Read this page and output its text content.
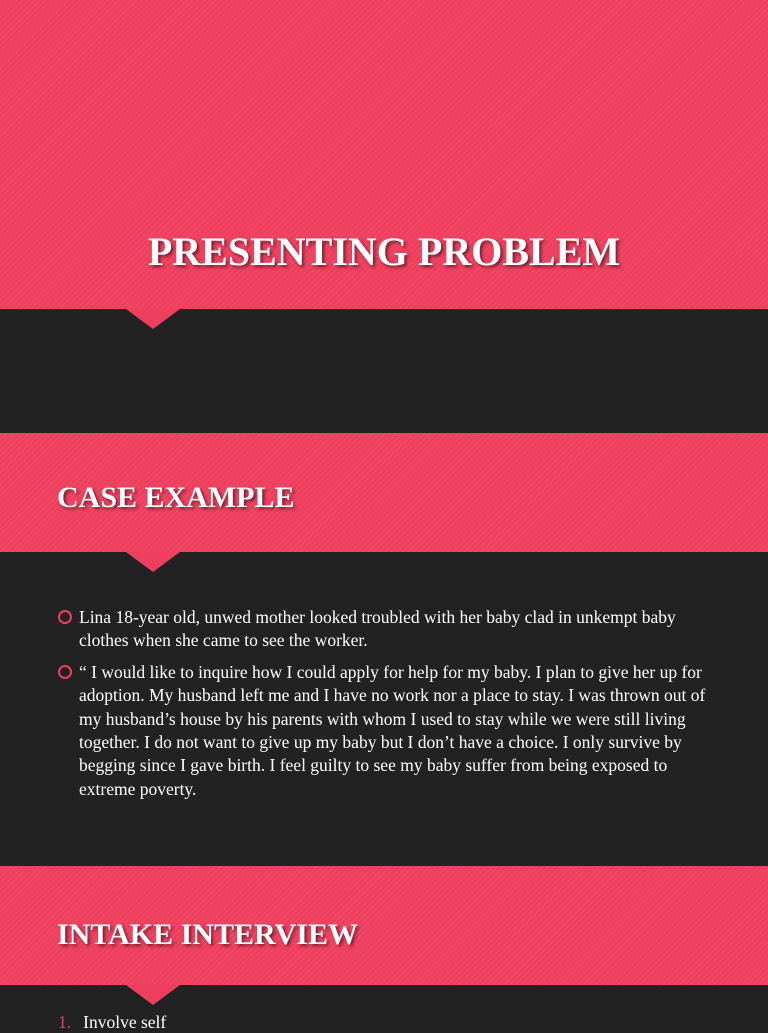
PRESENTING PROBLEM
CASE EXAMPLE
Lina 18-year old, unwed mother looked troubled with her baby clad in unkempt baby clothes when she came to see the worker.
“ I would like to inquire how I could apply for help for my baby. I plan to give her up for adoption. My husband left me and I have no work nor a place to stay. I was thrown out of my husband’s house by his parents with whom I used to stay while we were still living together. I do not want to give up my baby but I don’t have a choice. I only survive by begging since I gave birth. I feel guilty to see my baby suffer from being exposed to extreme poverty.
INTAKE INTERVIEW
1. Involve self
